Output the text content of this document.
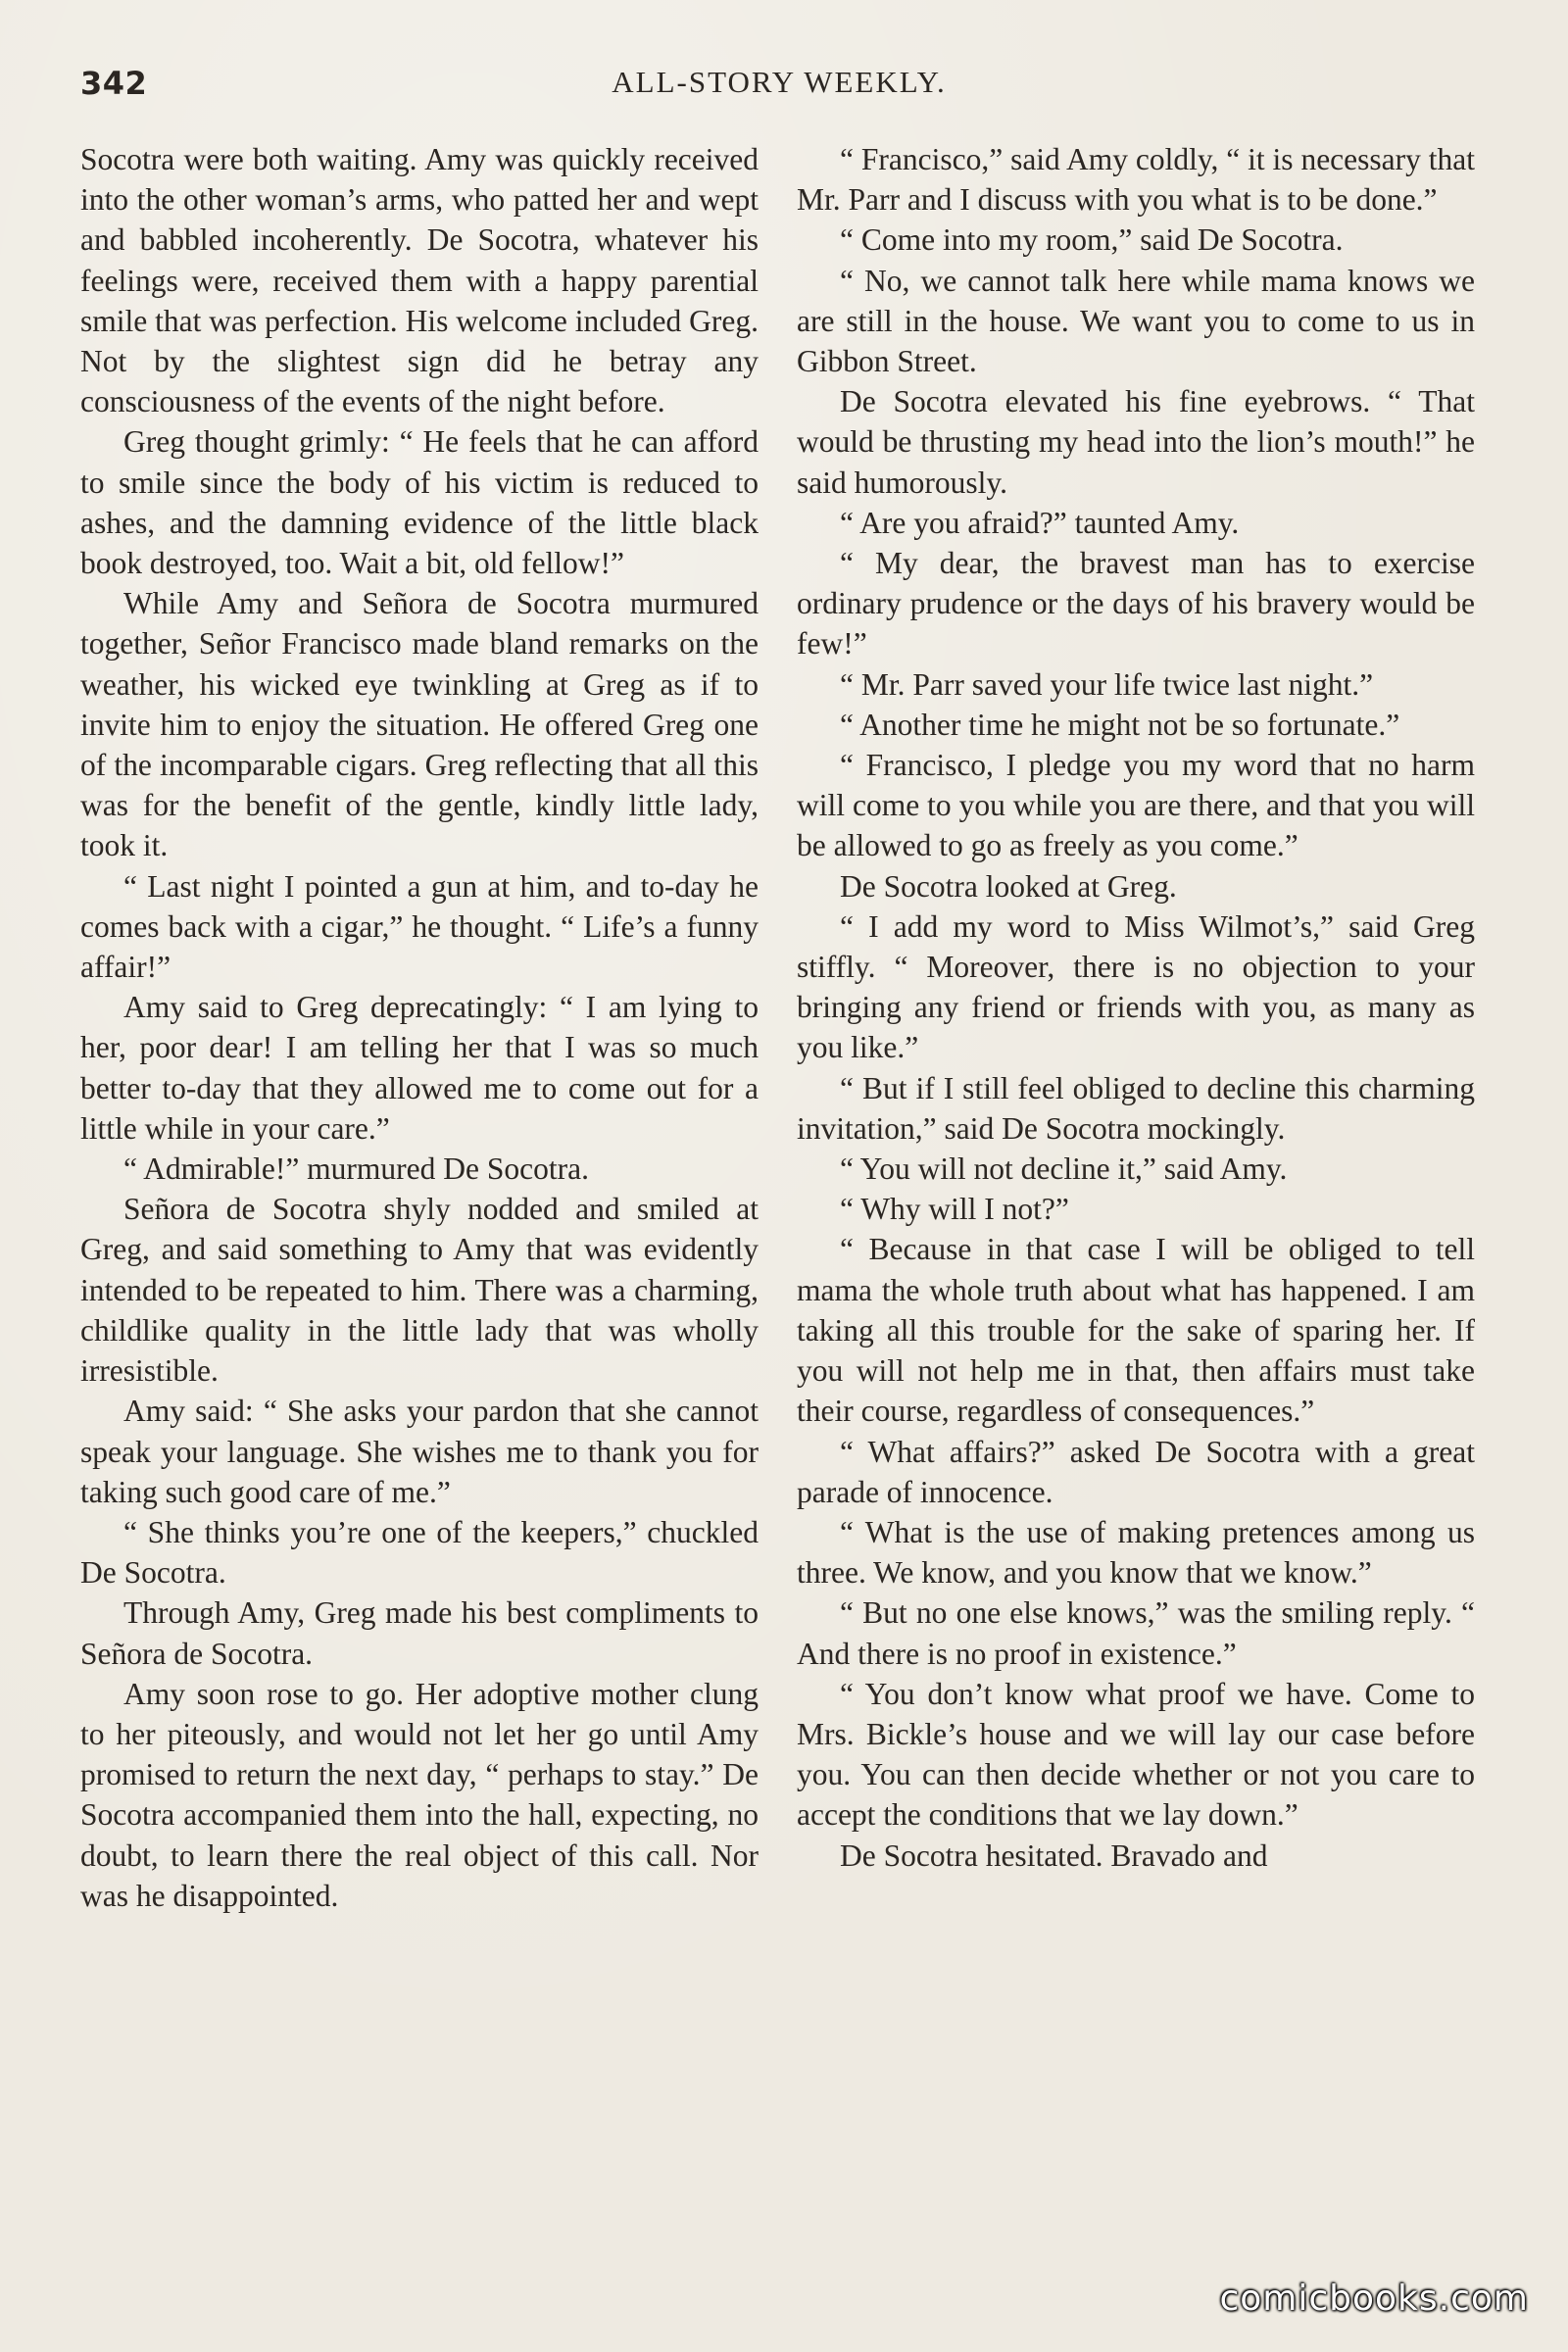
342	ALL-STORY WEEKLY.

Socotra were both waiting. Amy was quickly received into the other woman’s arms, who patted her and wept and babbled incoherently. De Socotra, whatever his feelings were, received them with a happy parential smile that was perfection. His welcome included Greg. Not by the slightest sign did he betray any consciousness of the events of the night before.

Greg thought grimly: “ He feels that he can afford to smile since the body of his victim is reduced to ashes, and the damning evidence of the little black book destroyed, too. Wait a bit, old fellow!”

While Amy and Señora de Socotra murmured together, Señor Francisco made bland remarks on the weather, his wicked eye twinkling at Greg as if to invite him to enjoy the situation. He offered Greg one of the incomparable cigars. Greg reflecting that all this was for the benefit of the gentle, kindly little lady, took it.

“ Last night I pointed a gun at him, and to-day he comes back with a cigar,” he thought. “ Life’s a funny affair!”

Amy said to Greg deprecatingly: “ I am lying to her, poor dear! I am telling her that I was so much better to-day that they allowed me to come out for a little while in your care.”

“ Admirable!” murmured De Socotra.

Señora de Socotra shyly nodded and smiled at Greg, and said something to Amy that was evidently intended to be repeated to him. There was a charming, childlike quality in the little lady that was wholly irresistible.

Amy said: “ She asks your pardon that she cannot speak your language. She wishes me to thank you for taking such good care of me.”

“ She thinks you’re one of the keepers,” chuckled De Socotra.

Through Amy, Greg made his best compliments to Señora de Socotra.

Amy soon rose to go. Her adoptive mother clung to her piteously, and would not let her go until Amy promised to return the next day, “ perhaps to stay.” De Socotra accompanied them into the hall, expecting, no doubt, to learn there the real object of this call. Nor was he disappointed.

“ Francisco,” said Amy coldly, “ it is necessary that Mr. Parr and I discuss with you what is to be done.”

“ Come into my room,” said De Socotra.

“ No, we cannot talk here while mama knows we are still in the house. We want you to come to us in Gibbon Street.

De Socotra elevated his fine eyebrows. “ That would be thrusting my head into the lion’s mouth!” he said humorously.

“ Are you afraid?” taunted Amy.

“ My dear, the bravest man has to exercise ordinary prudence or the days of his bravery would be few!”

“ Mr. Parr saved your life twice last night.”

“ Another time he might not be so fortunate.”

“ Francisco, I pledge you my word that no harm will come to you while you are there, and that you will be allowed to go as freely as you come.”

De Socotra looked at Greg.

“ I add my word to Miss Wilmot’s,” said Greg stiffly. “ Moreover, there is no objection to your bringing any friend or friends with you, as many as you like.”

“ But if I still feel obliged to decline this charming invitation,” said De Socotra mockingly.

“ You will not decline it,” said Amy.

“ Why will I not?”

“ Because in that case I will be obliged to tell mama the whole truth about what has happened. I am taking all this trouble for the sake of sparing her. If you will not help me in that, then affairs must take their course, regardless of consequences.”

“ What affairs?” asked De Socotra with a great parade of innocence.

“ What is the use of making pretences among us three. We know, and you know that we know.”

“ But no one else knows,” was the smiling reply. “ And there is no proof in existence.”

“ You don’t know what proof we have. Come to Mrs. Bickle’s house and we will lay our case before you. You can then decide whether or not you care to accept the conditions that we lay down.”

De Socotra hesitated. Bravado and

comicbooks.com
